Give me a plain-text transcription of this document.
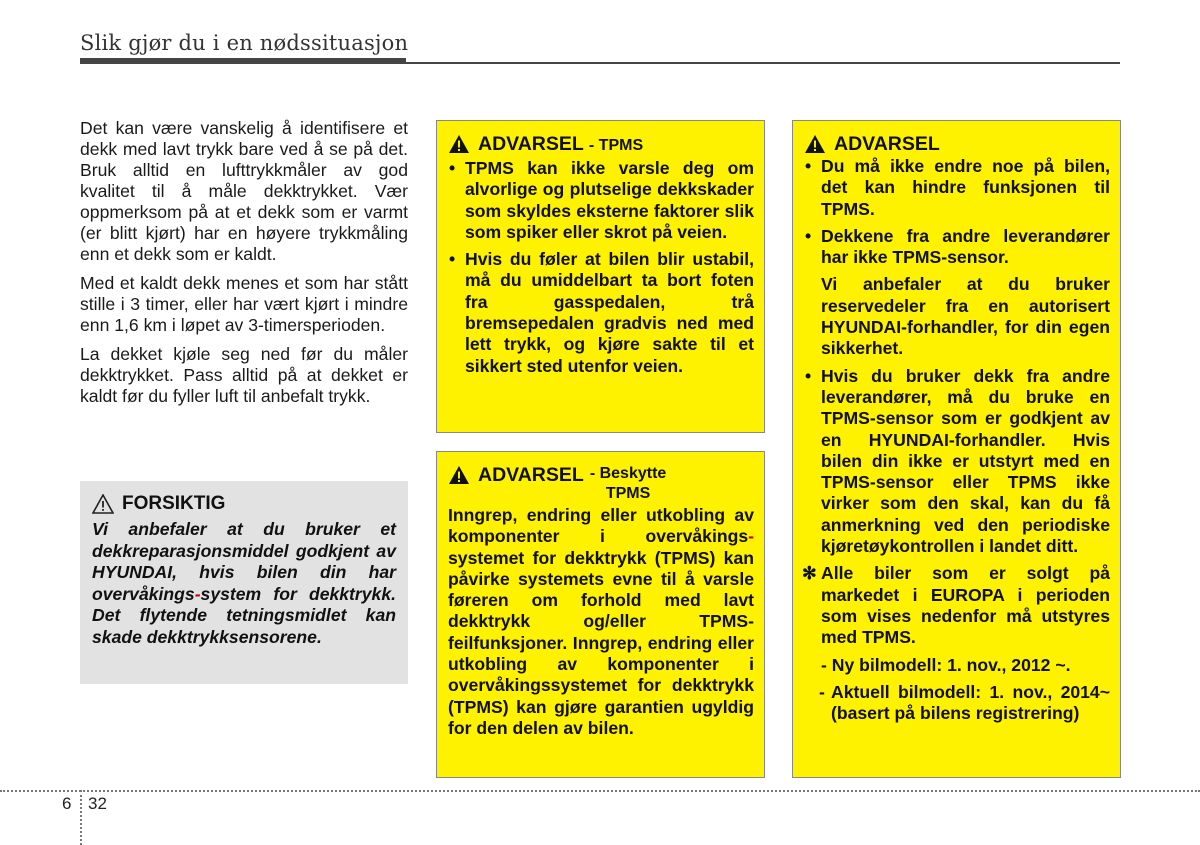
Slik gjør du i en nødssituasjon

Det kan være vanskelig å identifisere et dekk med lavt trykk bare ved å se på det. Bruk alltid en lufttrykkmåler av god kvalitet til å måle dekktrykket. Vær oppmerksom på at et dekk som er varmt (er blitt kjørt) har en høyere trykkmåling enn et dekk som er kaldt.

Med et kaldt dekk menes et som har stått stille i 3 timer, eller har vært kjørt i mindre enn 1,6 km i løpet av 3-timersperioden.

La dekket kjøle seg ned før du måler dekktrykket. Pass alltid på at dekket er kaldt før du fyller luft til anbefalt trykk.

FORSIKTIG
Vi anbefaler at du bruker et dekkreparasjonsmiddel godkjent av HYUNDAI, hvis bilen din har overvåkings-system for dekktrykk. Det flytende tetningsmidlet kan skade dekktrykksensorene.
ADVARSEL - TPMS
• TPMS kan ikke varsle deg om alvorlige og plutselige dekkskader som skyldes eksterne faktorer slik som spiker eller skrot på veien.
• Hvis du føler at bilen blir ustabil, må du umiddelbart ta bort foten fra gasspedalen, trå bremsepedalen gradvis ned med lett trykk, og kjøre sakte til et sikkert sted utenfor veien.
ADVARSEL - Beskytte
TPMS

Inngrep, endring eller utkobling av komponenter i overvåkings-systemet for dekktrykk (TPMS) kan påvirke systemets evne til å varsle føreren om forhold med lavt dekktrykk og/eller TPMS-feilfunksjoner. Inngrep, endring eller utkobling av komponenter i overvåkingssystemet for dekktrykk (TPMS) kan gjøre garantien ugyldig for den delen av bilen.

ADVARSEL
• Du må ikke endre noe på bilen, det kan hindre funksjonen til TPMS.
• Dekkene fra andre leverandører har ikke TPMS-sensor.

Vi anbefaler at du bruker reservedeler fra en autorisert HYUNDAI-forhandler, for din egen sikkerhet.

• Hvis du bruker dekk fra andre leverandører, må du bruke en TPMS-sensor som er godkjent av en HYUNDAI-forhandler. Hvis bilen din ikke er utstyrt med en TPMS-sensor eller TPMS ikke virker som den skal, kan du få anmerkning ved den periodiske kjøretøykontrollen i landet ditt.

✻ Alle biler som er solgt på markedet i EUROPA i perioden som vises nedenfor må utstyres med TPMS.

- Ny bilmodell: 1. nov., 2012 ~.

- Aktuell bilmodell: 1. nov., 2014~ (basert på bilens registrering)

6 32
